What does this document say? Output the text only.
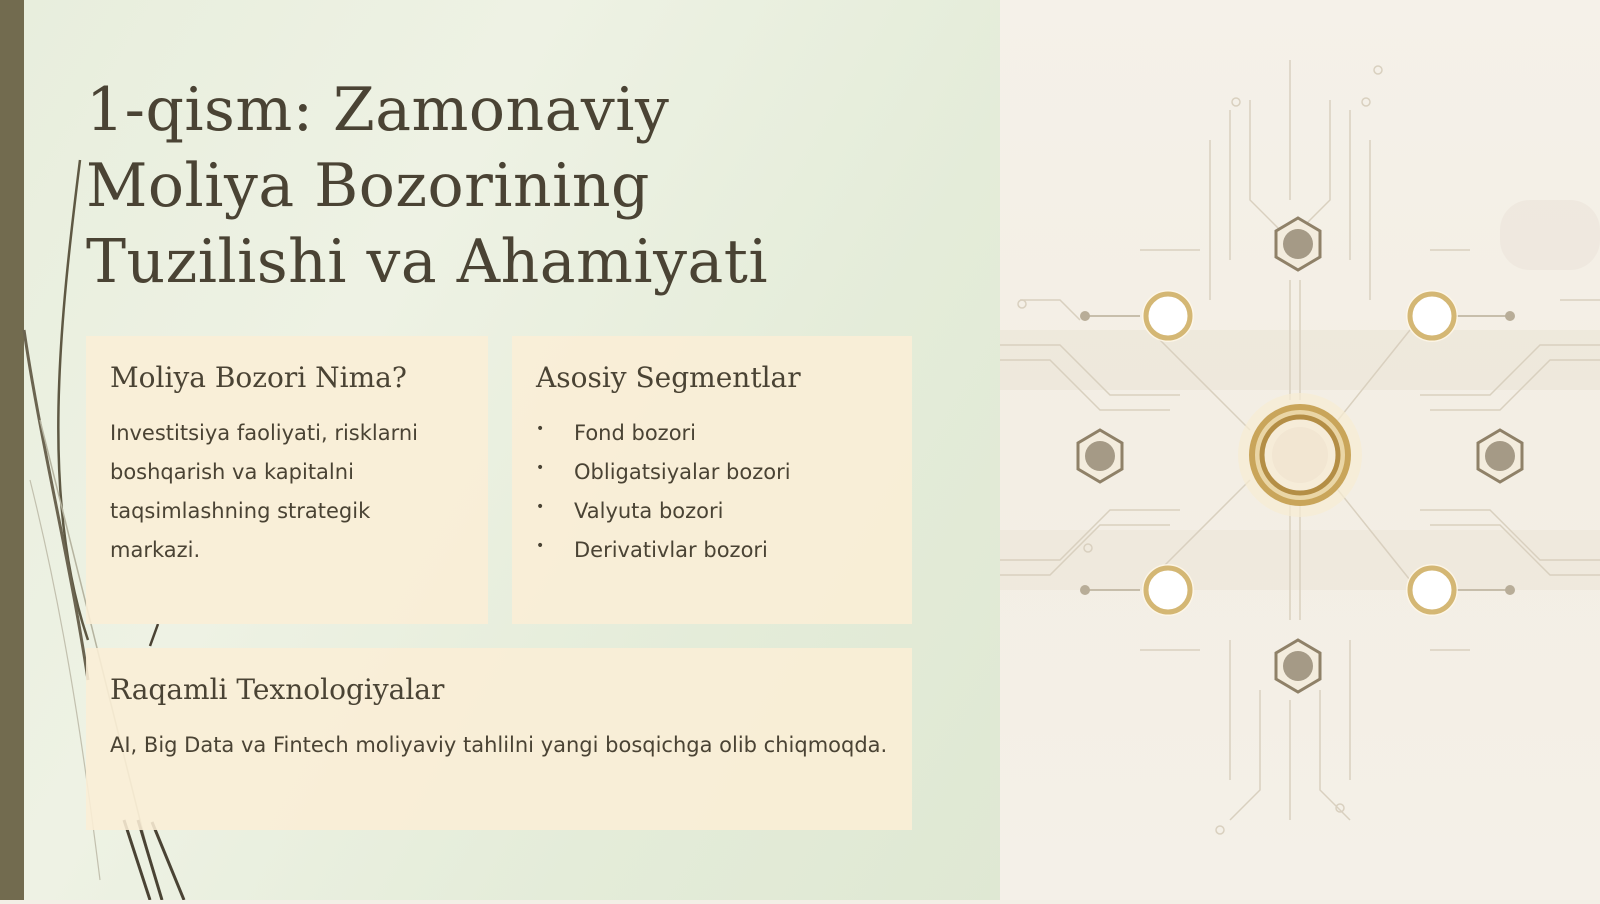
1-qism: Zamonaviy Moliya Bozorining Tuzilishi va Ahamiyati
Moliya Bozori Nima?

Investitsiya faoliyati, risklarni boshqarish va kapitalni taqsimlashning strategik markazi.

Asosiy Segmentlar
• Fond bozori
• Obligatsiyalar bozori
• Valyuta bozori
• Derivativlar bozori
Raqamli Texnologiyalar

AI, Big Data va Fintech moliyaviy tahlilni yangi bosqichga olib chiqmoqda.
